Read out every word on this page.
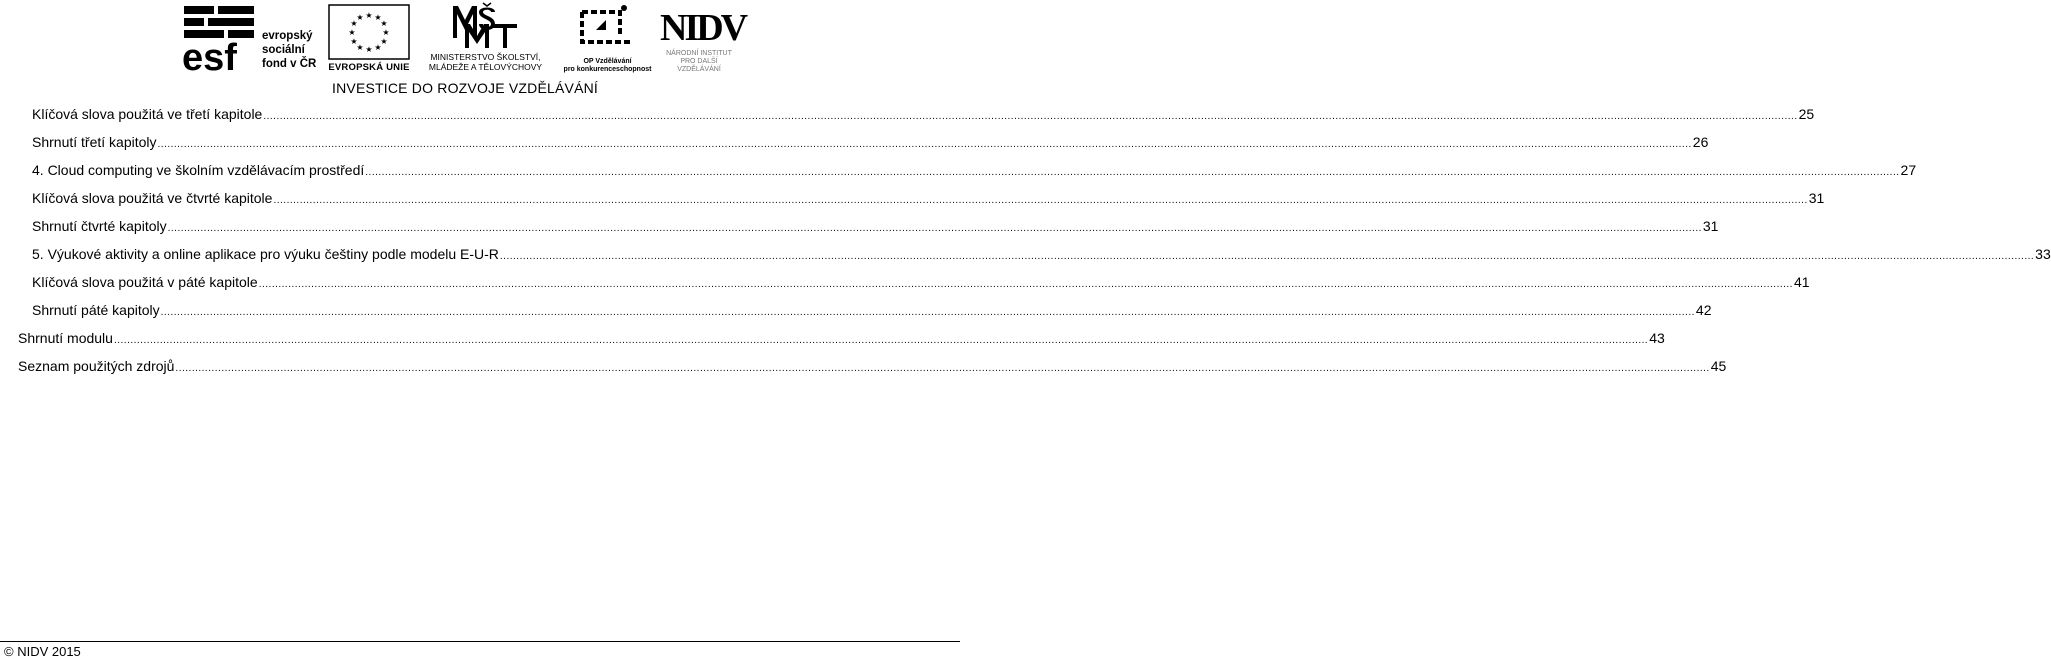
esf
evropský
sociální
fond v ČR
★ ★
★
★
★
★
★
★
★
★
★
★
EVROPSKÁ UNIE
MINISTERSTVO ŠKOLSTVÍ,
MLÁDEŽE A TĚLOVÝCHOVY
OP Vzdělávání
pro konkurenceschopnost
NIDV
NÁRODNÍ INSTITUT
PRO DALŠÍ
VZDĚLÁVÁNÍ
INVESTICE DO ROZVOJE VZDĚLÁVÁNÍ
Klíčová slova použitá ve třetí kapitole .................................................................................................................................................................................................................................................................................................................................................................................................................................................................................... 25
Shrnutí třetí kapitoly .................................................................................................................................................................................................................................................................................................................................................................................................................................................................................... 26
4. Cloud computing ve školním vzdělávacím prostředí .................................................................................................................................................................................................................................................................................................................................................................................................................................................................................... 27
Klíčová slova použitá ve čtvrté kapitole .................................................................................................................................................................................................................................................................................................................................................................................................................................................................................... 31
Shrnutí čtvrté kapitoly .................................................................................................................................................................................................................................................................................................................................................................................................................................................................................... 31
5. Výukové aktivity a online aplikace pro výuku češtiny podle modelu E-U-R .................................................................................................................................................................................................................................................................................................................................................................................................................................................................................... 33
Klíčová slova použitá v páté kapitole .................................................................................................................................................................................................................................................................................................................................................................................................................................................................................... 41
Shrnutí páté kapitoly .................................................................................................................................................................................................................................................................................................................................................................................................................................................................................... 42
Shrnutí modulu .................................................................................................................................................................................................................................................................................................................................................................................................................................................................................... 43
Seznam použitých zdrojů .................................................................................................................................................................................................................................................................................................................................................................................................................................................................................... 45
© NIDV 2015
